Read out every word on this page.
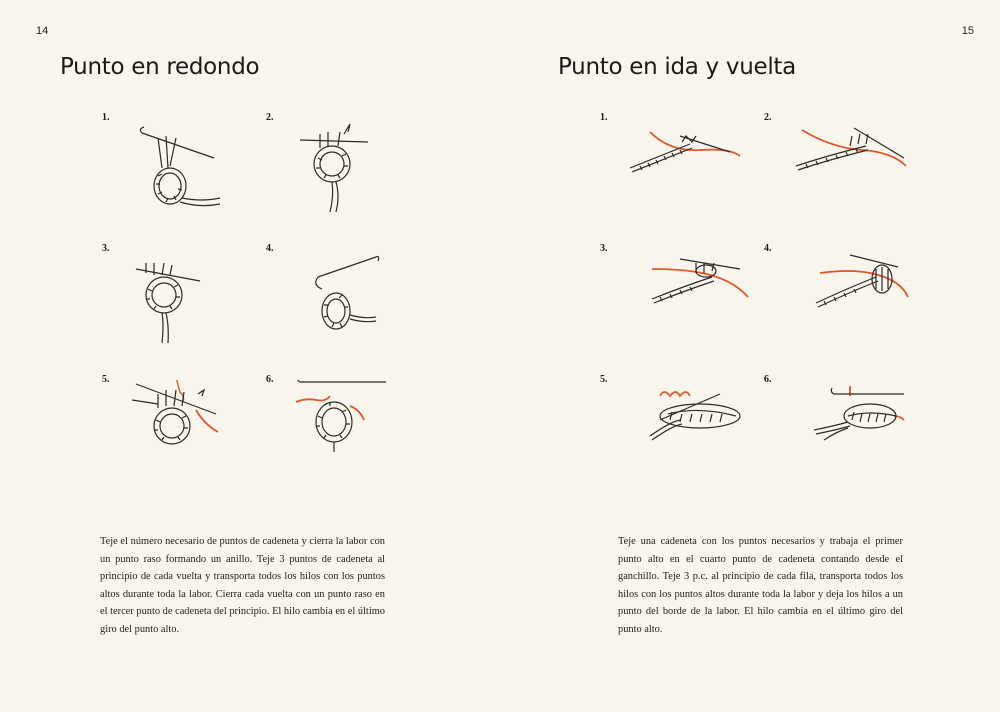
14
Punto en redondo
1.	2.
3.	4.
5.	6.
Teje el número necesario de puntos de cadeneta y cierra la labor con un punto raso formando un anillo. Teje 3 puntos de cadeneta al principio de cada vuelta y transporta todos los hilos con los puntos altos durante toda la labor. Cierra cada vuelta con un punto raso en el tercer punto de cadeneta del principio. El hilo cambia en el último giro del punto alto.
15
Punto en ida y vuelta
1.	2.
3.	4.
5.	6.
Teje una cadeneta con los puntos necesarios y trabaja el primer punto alto en el cuarto punto de cadeneta contando desde el ganchillo. Teje 3 p.c. al principio de cada fila, transporta todos los hilos con los puntos altos durante toda la labor y deja los hilos a un punto del borde de la labor. El hilo cambia en el último giro del punto alto.
